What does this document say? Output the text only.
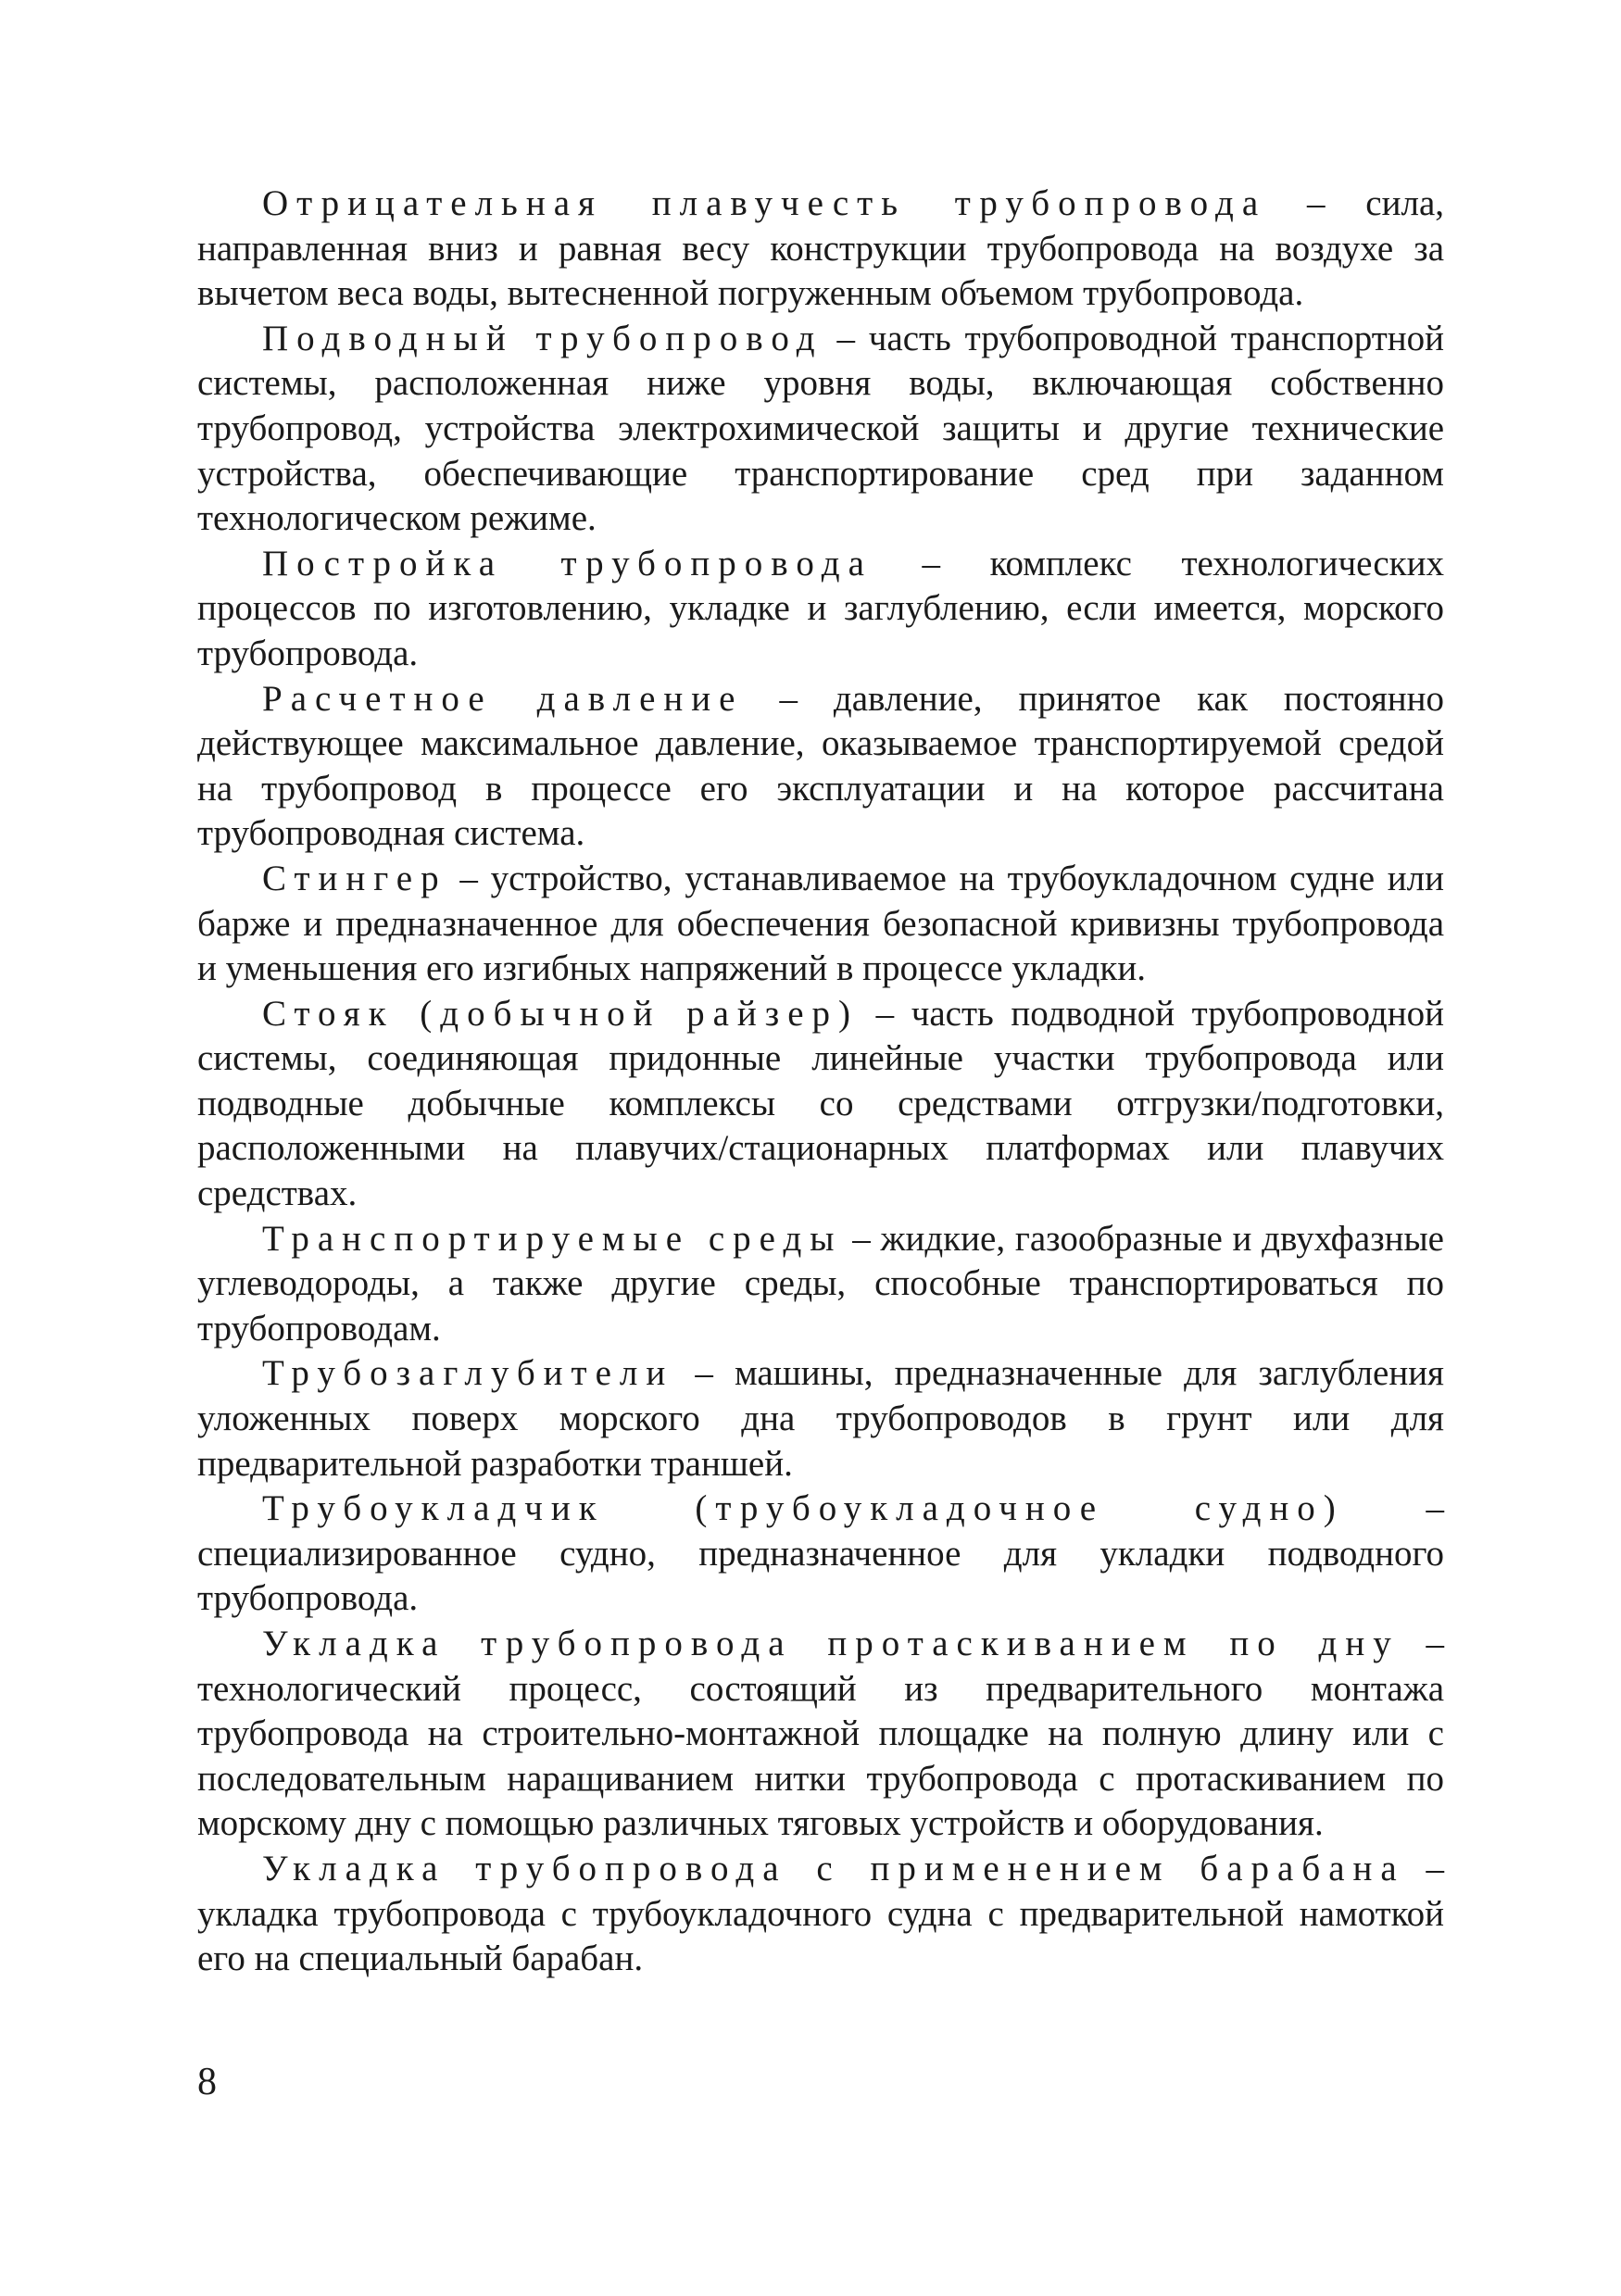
Отрицательная плавучесть трубопровода – сила, направленная вниз и равная весу конструкции трубопровода на воздухе за вычетом веса воды, вытесненной погруженным объемом трубопровода.

Подводный трубопровод – часть трубопроводной транспортной системы, расположенная ниже уровня воды, включающая собственно трубопровод, устройства электрохимической защиты и другие технические устройства, обеспечивающие транспортирование сред при заданном технологическом режиме.

Постройка трубопровода – комплекс технологических процессов по изготовлению, укладке и заглублению, если имеется, морского трубопровода.

Расчетное давление – давление, принятое как постоянно действующее максимальное давление, оказываемое транспортируемой средой на трубопровод в процессе его эксплуатации и на которое рассчитана трубопроводная система.

Стингер – устройство, устанавливаемое на трубоукладочном судне или барже и предназначенное для обеспечения безопасной кривизны трубопровода и уменьшения его изгибных напряжений в процессе укладки.

Стояк (добычной райзер) – часть подводной трубопроводной системы, соединяющая придонные линейные участки трубопровода или подводные добычные комплексы со средствами отгрузки/подготовки, расположенными на плавучих/стационарных платформах или плавучих средствах.

Транспортируемые среды – жидкие, газообразные и двухфазные углеводороды, а также другие среды, способные транспортироваться по трубопроводам.

Трубозаглубители – машины, предназначенные для заглубления уложенных поверх морского дна трубопроводов в грунт или для предварительной разработки траншей.

Трубоукладчик (трубоукладочное судно) – специализированное судно, предназначенное для укладки подводного трубопровода.

Укладка трубопровода протаскиванием по дну – технологический процесс, состоящий из предварительного монтажа трубопровода на строительно-монтажной площадке на полную длину или с последовательным наращиванием нитки трубопровода с протаскиванием по морскому дну с помощью различных тяговых устройств и оборудования.

Укладка трубопровода с применением барабана – укладка трубопровода с трубоукладочного судна с предварительной намоткой его на специальный барабан.

8
